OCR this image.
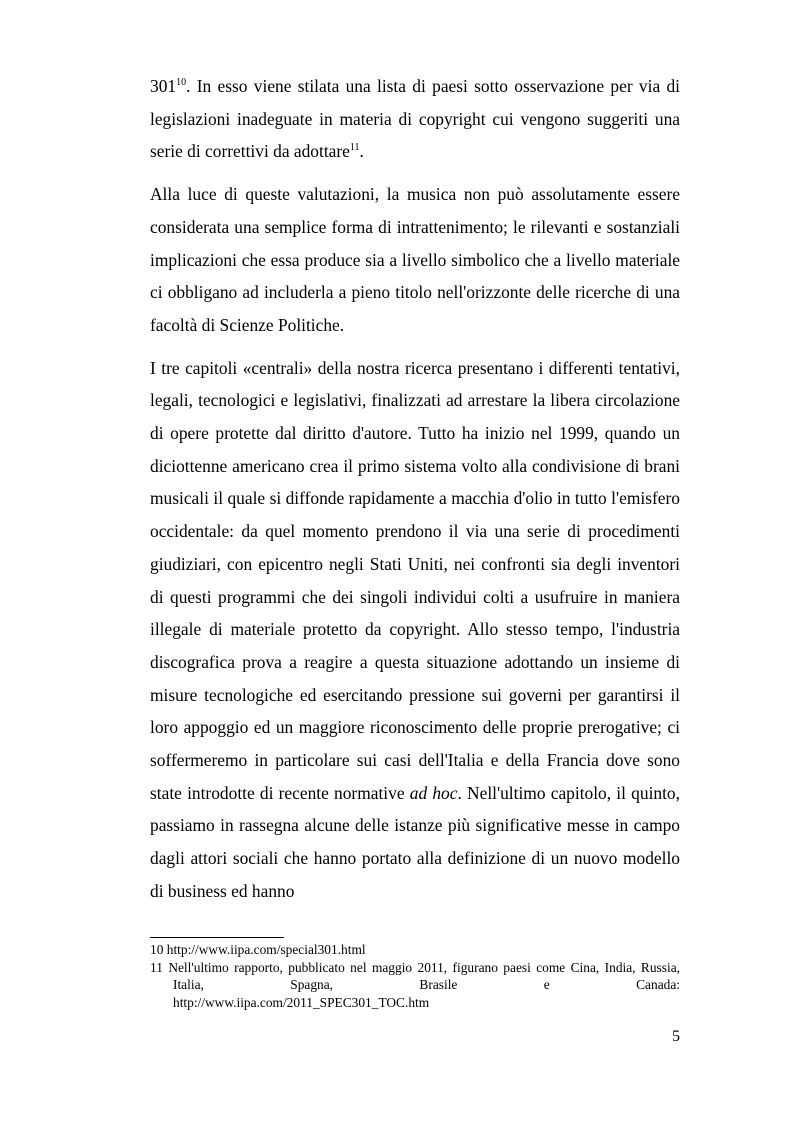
$301^{10}$. In esso viene stilata una lista di paesi sotto osservazione per via di legislazioni inadeguate in materia di copyright cui vengono suggeriti una serie di correttivi da adottare$^{11}$.

Alla luce di queste valutazioni, la musica non può assolutamente essere considerata una semplice forma di intrattenimento; le rilevanti e sostanziali implicazioni che essa produce sia a livello simbolico che a livello materiale ci obbligano ad includerla a pieno titolo nell'orizzonte delle ricerche di una facoltà di Scienze Politiche.

I tre capitoli «centrali» della nostra ricerca presentano i differenti tentativi, legali, tecnologici e legislativi, finalizzati ad arrestare la libera circolazione di opere protette dal diritto d'autore. Tutto ha inizio nel 1999, quando un diciottenne americano crea il primo sistema volto alla condivisione di brani musicali il quale si diffonde rapidamente a macchia d'olio in tutto l'emisfero occidentale: da quel momento prendono il via una serie di procedimenti giudiziari, con epicentro negli Stati Uniti, nei confronti sia degli inventori di questi programmi che dei singoli individui colti a usufruire in maniera illegale di materiale protetto da copyright. Allo stesso tempo, l'industria discografica prova a reagire a questa situazione adottando un insieme di misure tecnologiche ed esercitando pressione sui governi per garantirsi il loro appoggio ed un maggiore riconoscimento delle proprie prerogative; ci soffermeremo in particolare sui casi dell'Italia e della Francia dove sono state introdotte di recente normative ad hoc. Nell'ultimo capitolo, il quinto, passiamo in rassegna alcune delle istanze più significative messe in campo dagli attori sociali che hanno portato alla definizione di un nuovo modello di business ed hanno

10 http://www.iipa.com/special301.html

11 Nell'ultimo rapporto, pubblicato nel maggio 2011, figurano paesi come Cina, India, Russia, Italia, Spagna, Brasile e Canada:

http://www.iipa.com/2011_SPEC301_TOC.htm

5
